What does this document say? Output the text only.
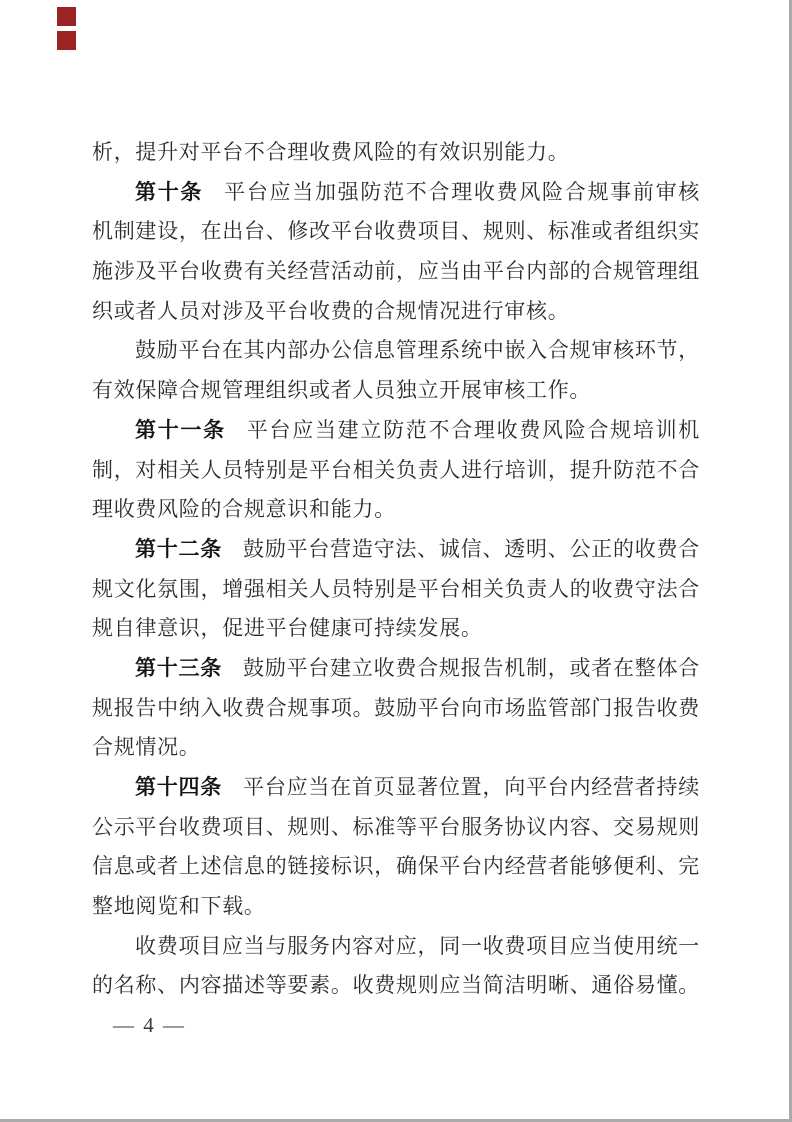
析，提升对平台不合理收费风险的有效识别能力。
第十条 平台应当加强防范不合理收费风险合规事前审核
机制建设，在出台、修改平台收费项目、规则、标准或者组织实
施涉及平台收费有关经营活动前，应当由平台内部的合规管理组
织或者人员对涉及平台收费的合规情况进行审核。
鼓励平台在其内部办公信息管理系统中嵌入合规审核环节，
有效保障合规管理组织或者人员独立开展审核工作。
第十一条 平台应当建立防范不合理收费风险合规培训机
制，对相关人员特别是平台相关负责人进行培训，提升防范不合
理收费风险的合规意识和能力。
第十二条 鼓励平台营造守法、诚信、透明、公正的收费合
规文化氛围，增强相关人员特别是平台相关负责人的收费守法合
规自律意识，促进平台健康可持续发展。
第十三条 鼓励平台建立收费合规报告机制，或者在整体合
规报告中纳入收费合规事项。鼓励平台向市场监管部门报告收费
合规情况。
第十四条 平台应当在首页显著位置，向平台内经营者持续
公示平台收费项目、规则、标准等平台服务协议内容、交易规则
信息或者上述信息的链接标识，确保平台内经营者能够便利、完
整地阅览和下载。
收费项目应当与服务内容对应，同一收费项目应当使用统一
的名称、内容描述等要素。收费规则应当简洁明晰、通俗易懂。
— 4 —
